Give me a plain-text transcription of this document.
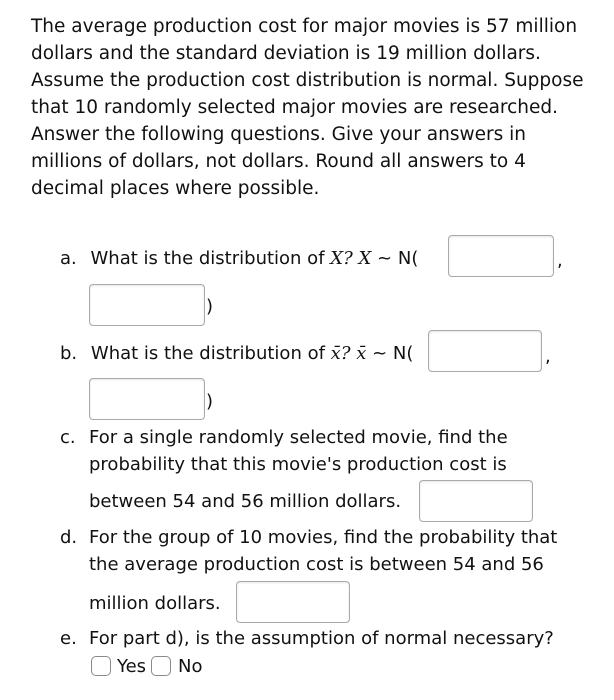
The average production cost for major movies is 57 million dollars and the standard deviation is 19 million dollars. Assume the production cost distribution is normal. Suppose that 10 randomly selected major movies are researched. Answer the following questions. Give your answers in millions of dollars, not dollars. Round all answers to 4 decimal places where possible.
a. What is the distribution of X? X ~ N(	,
)
b. What is the distribution of x̄? x̄ ~ N(	,
)
c. For a single randomly selected movie, find the
probability that this movie's production cost is
between 54 and 56 million dollars.
d. For the group of 10 movies, find the probability that
the average production cost is between 54 and 56
million dollars.
e. For part d), is the assumption of normal necessary?
Yes No
